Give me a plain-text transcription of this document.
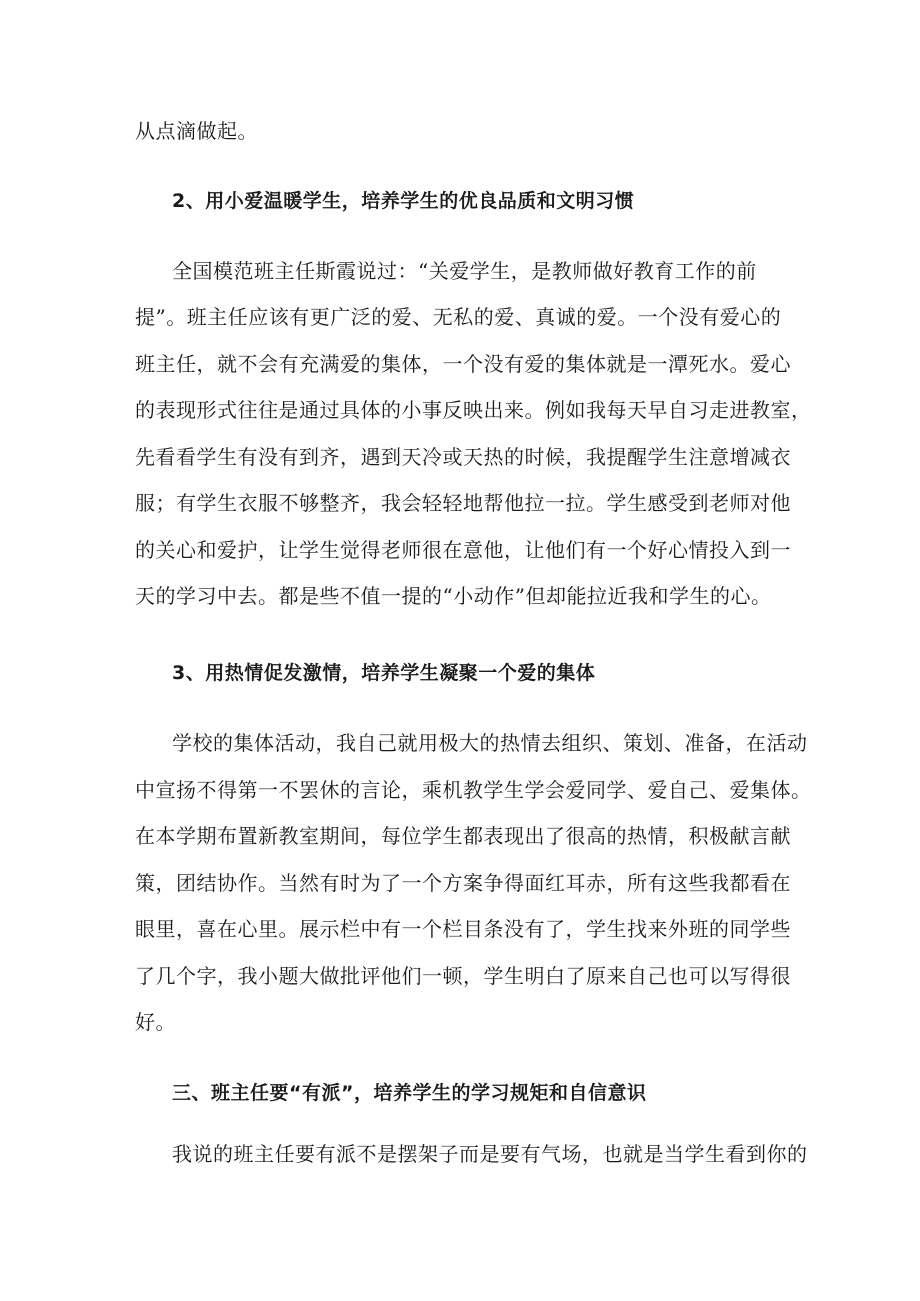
从点滴做起。
2、用小爱温暖学生，培养学生的优良品质和文明习惯
全国模范班主任斯霞说过：“关爱学生，是教师做好教育工作的前
提”。班主任应该有更广泛的爱、无私的爱、真诚的爱。一个没有爱心的
班主任，就不会有充满爱的集体，一个没有爱的集体就是一潭死水。爱心
的表现形式往往是通过具体的小事反映出来。例如我每天早自习走进教室，
先看看学生有没有到齐，遇到天冷或天热的时候，我提醒学生注意增减衣
服；有学生衣服不够整齐，我会轻轻地帮他拉一拉。学生感受到老师对他
的关心和爱护，让学生觉得老师很在意他，让他们有一个好心情投入到一
天的学习中去。都是些不值一提的“小动作”但却能拉近我和学生的心。
3、用热情促发激情，培养学生凝聚一个爱的集体
学校的集体活动，我自己就用极大的热情去组织、策划、准备，在活动
中宣扬不得第一不罢休的言论，乘机教学生学会爱同学、爱自己、爱集体。
在本学期布置新教室期间，每位学生都表现出了很高的热情，积极献言献
策，团结协作。当然有时为了一个方案争得面红耳赤，所有这些我都看在
眼里，喜在心里。展示栏中有一个栏目条没有了，学生找来外班的同学些
了几个字，我小题大做批评他们一顿，学生明白了原来自己也可以写得很
好。
三、班主任要“有派”，培养学生的学习规矩和自信意识
我说的班主任要有派不是摆架子而是要有气场，也就是当学生看到你的
